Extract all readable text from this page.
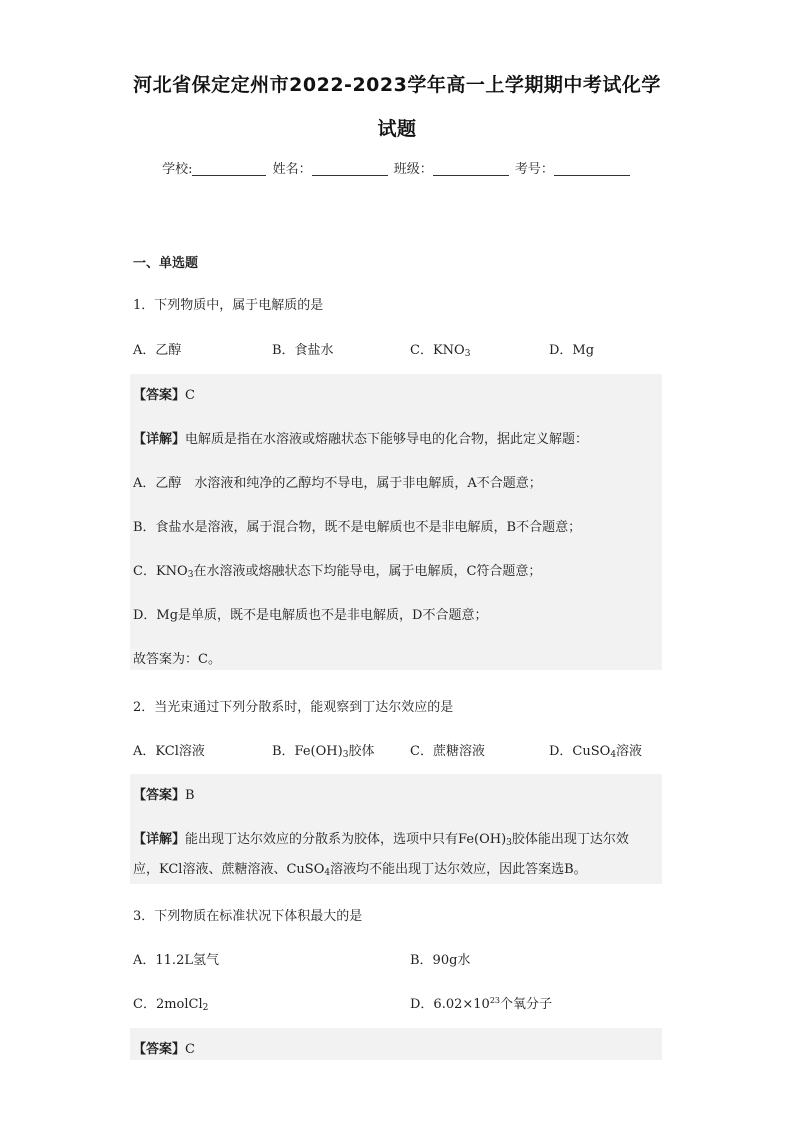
河北省保定定州市2022-2023学年高一上学期期中考试化学
试题
学校:	姓名：	班级：	考号：
一、单选题
1．下列物质中，属于电解质的是
A．乙醇	B．食盐水	C．$KNO_3$	D．Mg
【答案】C
【详解】电解质是指在水溶液或熔融状态下能够导电的化合物，据此定义解题：
A．乙醇　水溶液和纯净的乙醇均不导电，属于非电解质，A不合题意；
B．食盐水是溶液，属于混合物，既不是电解质也不是非电解质，B不合题意；
C．$KNO_3$在水溶液或熔融状态下均能导电，属于电解质，C符合题意；
D．Mg是单质，既不是电解质也不是非电解质，D不合题意；
故答案为：C。
2．当光束通过下列分散系时，能观察到丁达尔效应的是
A．KCl溶液	B．$Fe(OH)_3$胶体	C．蔗糖溶液	D．CuSO$_4$溶液
【答案】B
【详解】能出现丁达尔效应的分散系为胶体，选项中只有$Fe(OH)_3$胶体能出现丁达尔效
应，KCl溶液、蔗糖溶液、CuSO$_4$溶液均不能出现丁达尔效应，因此答案选B。
3．下列物质在标准状况下体积最大的是
A．11.2L氢气	B．90g水
C．2molCl$_2$	D．$6.02\times 10^{23}$个氧分子
【答案】C
